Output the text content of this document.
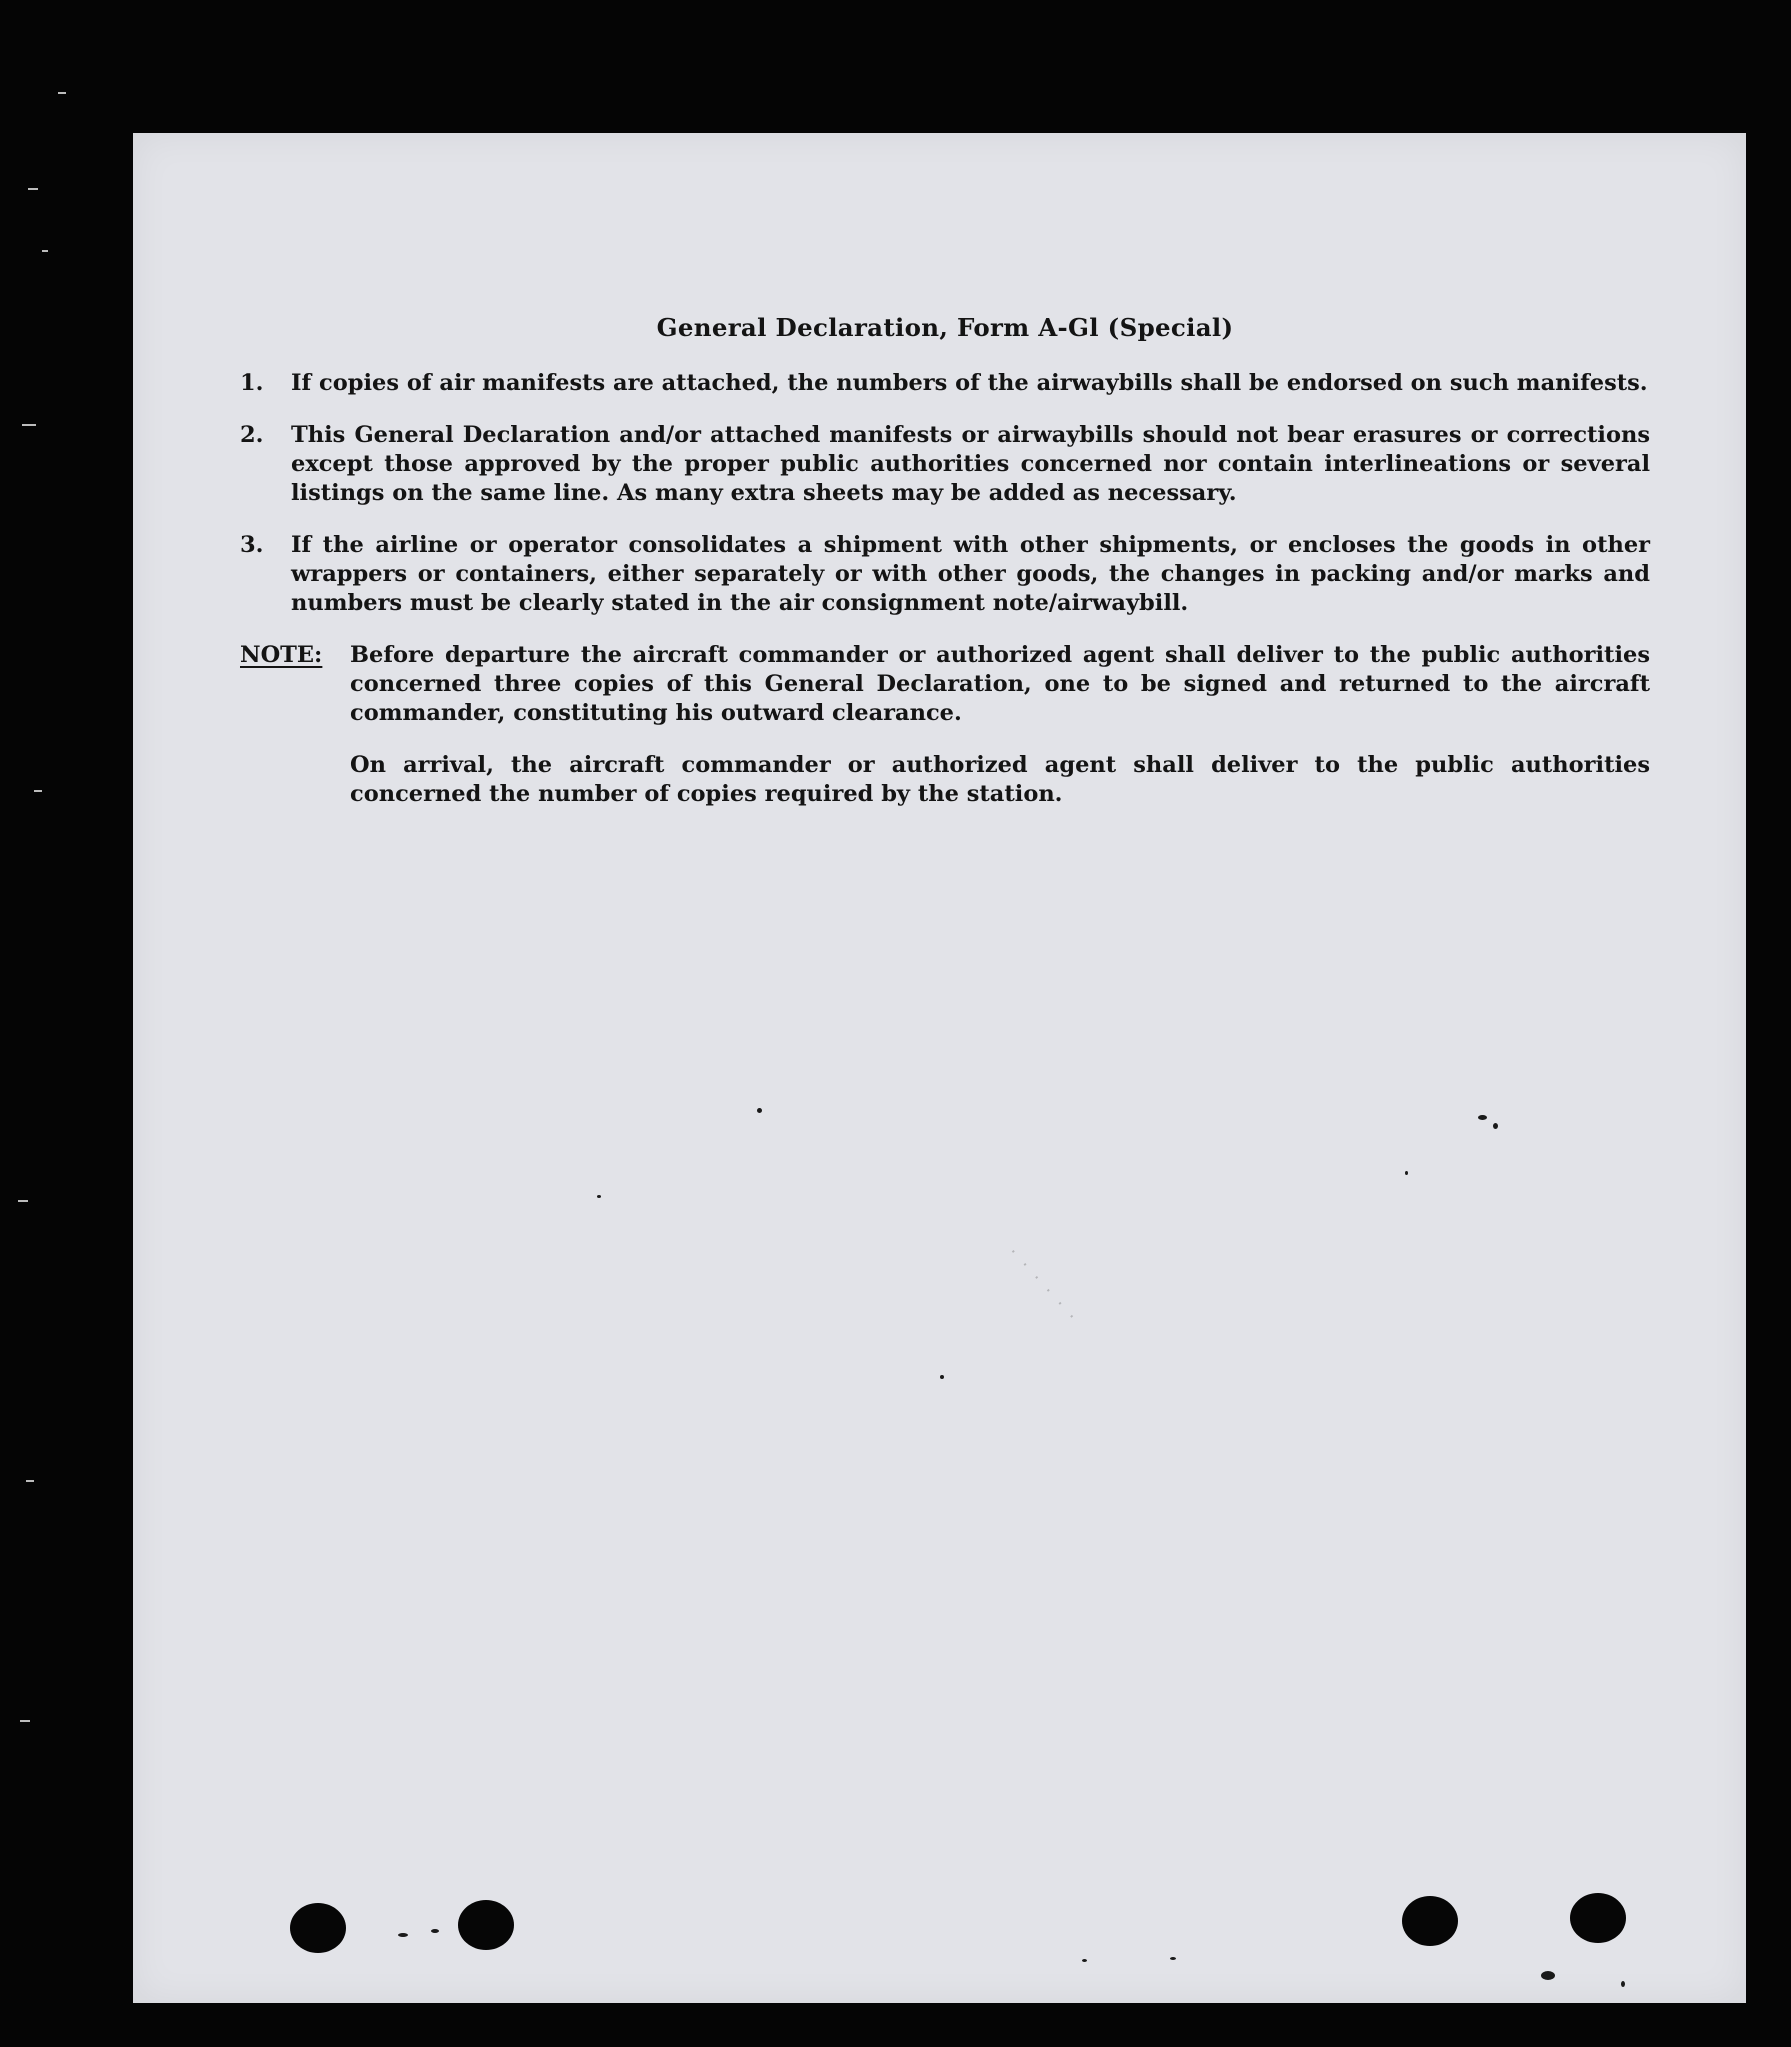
General Declaration, Form A-Gl (Special)
1. If copies of air manifests are attached, the numbers of the airwaybills shall be endorsed on such manifests.
2. This General Declaration and/or attached manifests or airwaybills should not bear erasures or corrections except those approved by the proper public authorities concerned nor contain interlineations or several listings on the same line. As many extra sheets may be added as necessary.
3. If the airline or operator consolidates a shipment with other shipments, or encloses the goods in other wrappers or containers, either separately or with other goods, the changes in packing and/or marks and numbers must be clearly stated in the air consignment note/airwaybill.
NOTE: Before departure the aircraft commander or authorized agent shall deliver to the public authorities concerned three copies of this General Declaration, one to be signed and returned to the aircraft commander, constituting his outward clearance.
On arrival, the aircraft commander or authorized agent shall deliver to the public authorities concerned the number of copies required by the station.
⋅ ⋅ ⋅ ⋅ ⋅ ⋅
